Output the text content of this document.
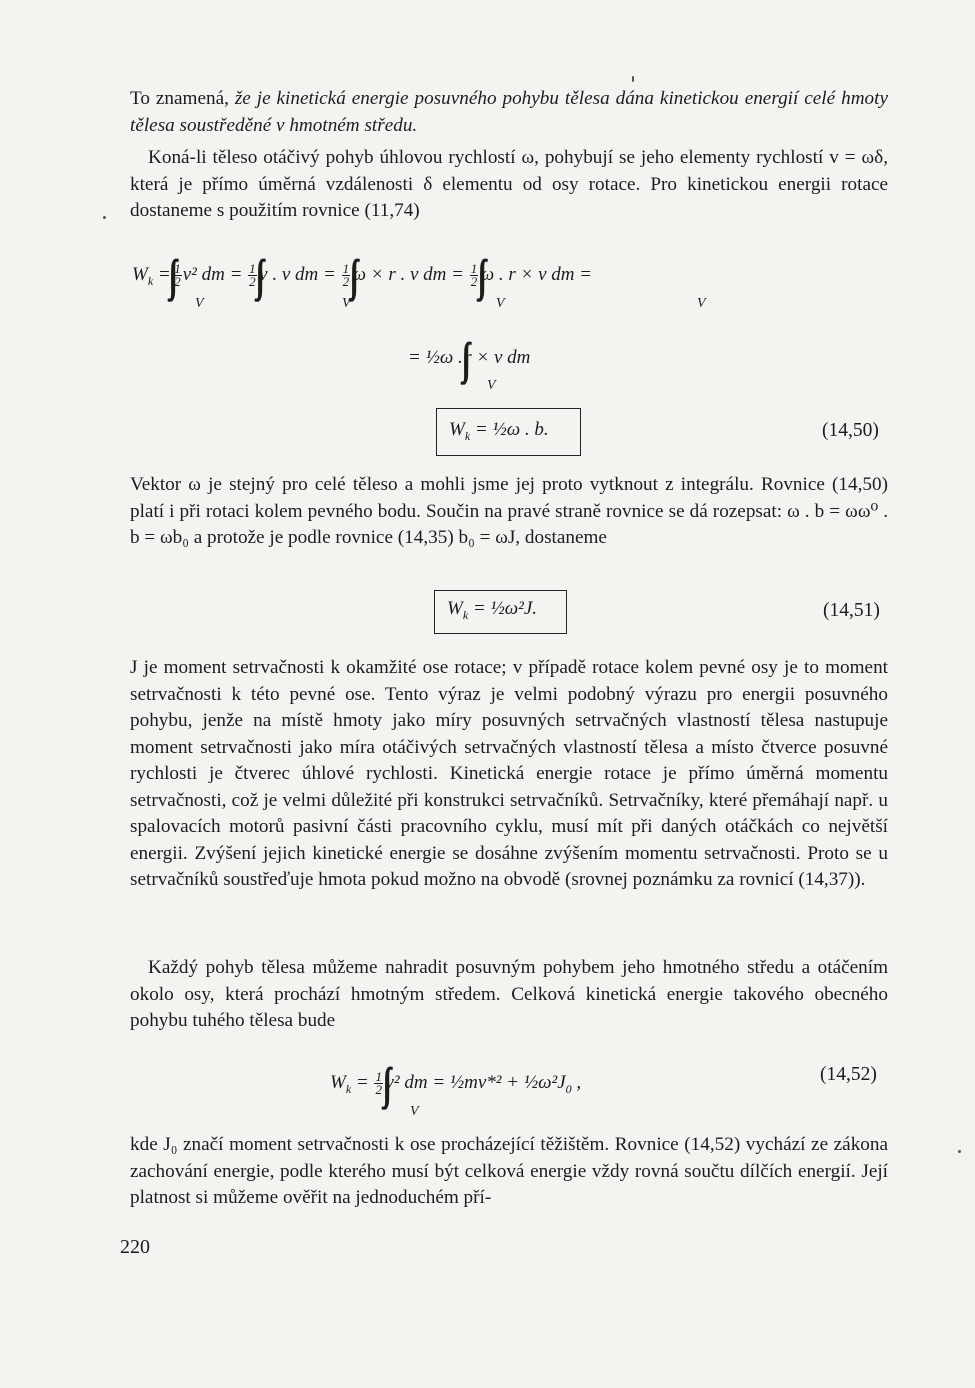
To znamená, že je kinetická energie posuvného pohybu tělesa dána kinetickou energií celé hmoty tělesa soustředěné v hmotném středu.

Koná-li těleso otáčivý pohyb úhlovou rychlostí ω, pohybují se jeho elementy rychlostí v = ωδ, která je přímo úměrná vzdálenosti δ elementu od osy rotace. Pro kinetickou energii rotace dostaneme s použitím rovnice (11,74)

$W_k = \frac{1}{2} v^2$ dm = $\frac{1}{2}$ v . v dm = $\frac{1}{2}$ ω × r . v dm = $\frac{1}{2}$ ω . r × v dm =
V	V	V	V
= ½ω .  r × v dm
V
$W_k$ = ½ω . b.	(14,50)

Vektor ω je stejný pro celé těleso a mohli jsme jej proto vytknout z integrálu. Rovnice (14,50) platí i při rotaci kolem pevného bodu. Součin na pravé straně rovnice se dá rozepsat: ω . b = ωω⁰ . b = ωb₀ a protože je podle rovnice (14,35) b₀ = ωJ, dostaneme

$W_k$ = ½ω²J.	(14,51)

J je moment setrvačnosti k okamžité ose rotace; v případě rotace kolem pevné osy je to moment setrvačnosti k této pevné ose. Tento výraz je velmi podobný výrazu pro energii posuvného pohybu, jenže na místě hmoty jako míry posuvných setrvačných vlastností tělesa nastupuje moment setrvačnosti jako míra otáčivých setrvačných vlastností tělesa a místo čtverce posuvné rychlosti je čtverec úhlové rychlosti. Kinetická energie rotace je přímo úměrná momentu setrvačnosti, což je velmi důležité při konstrukci setrvačníků. Setrvačníky, které přemáhají např. u spalovacích motorů pasivní části pracovního cyklu, musí mít při daných otáčkách co největší energii. Zvýšení jejich kinetické energie se dosáhne zvýšením momentu setrvačnosti. Proto se u setrvačníků soustřeďuje hmota pokud možno na obvodě (srovnej poznámku za rovnicí (14,37)).

Každý pohyb tělesa můžeme nahradit posuvným pohybem jeho hmotného středu a otáčením okolo osy, která prochází hmotným středem. Celková kinetická energie takového obecného pohybu tuhého tělesa bude

$W_k = \frac{1}{2} v^2$ dm = ½mv*² + $\frac{1}{2}\omega^2J_0$ ,
V
(14,52)

kde J₀ značí moment setrvačnosti k ose procházející těžištěm. Rovnice (14,52) vychází ze zákona zachování energie, podle kterého musí být celková energie vždy rovná součtu dílčích energií. Její platnost si můžeme ověřit na jednoduchém pří-

220
